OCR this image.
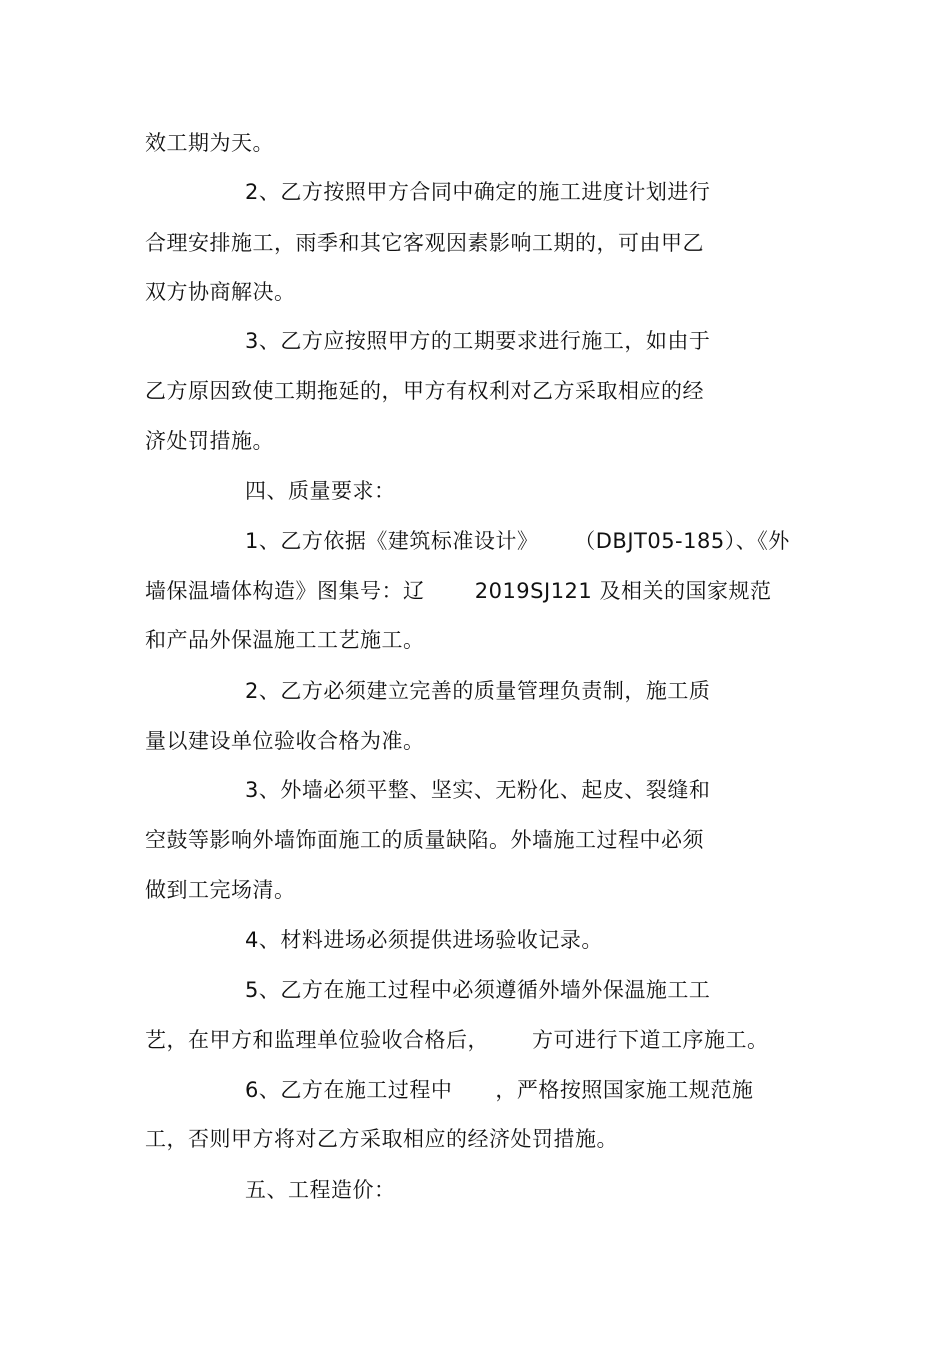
效工期为天。
2、乙方按照甲方合同中确定的施工进度计划进行
合理安排施工，雨季和其它客观因素影响工期的，可由甲乙
双方协商解决。
3、乙方应按照甲方的工期要求进行施工，如由于
乙方原因致使工期拖延的，甲方有权利对乙方采取相应的经
济处罚措施。
四、质量要求：
1、乙方依据《建筑标准设计》     （DBJT05-185）、《外
墙保温墙体构造》图集号：辽       2019SJ121 及相关的国家规范
和产品外保温施工工艺施工。
2、乙方必须建立完善的质量管理负责制，施工质
量以建设单位验收合格为准。
3、外墙必须平整、坚实、无粉化、起皮、裂缝和
空鼓等影响外墙饰面施工的质量缺陷。外墙施工过程中必须
做到工完场清。
4、材料进场必须提供进场验收记录。
5、乙方在施工过程中必须遵循外墙外保温施工工
艺，在甲方和监理单位验收合格后，      方可进行下道工序施工。
6、乙方在施工过程中      ，严格按照国家施工规范施
工，否则甲方将对乙方采取相应的经济处罚措施。
五、工程造价：
